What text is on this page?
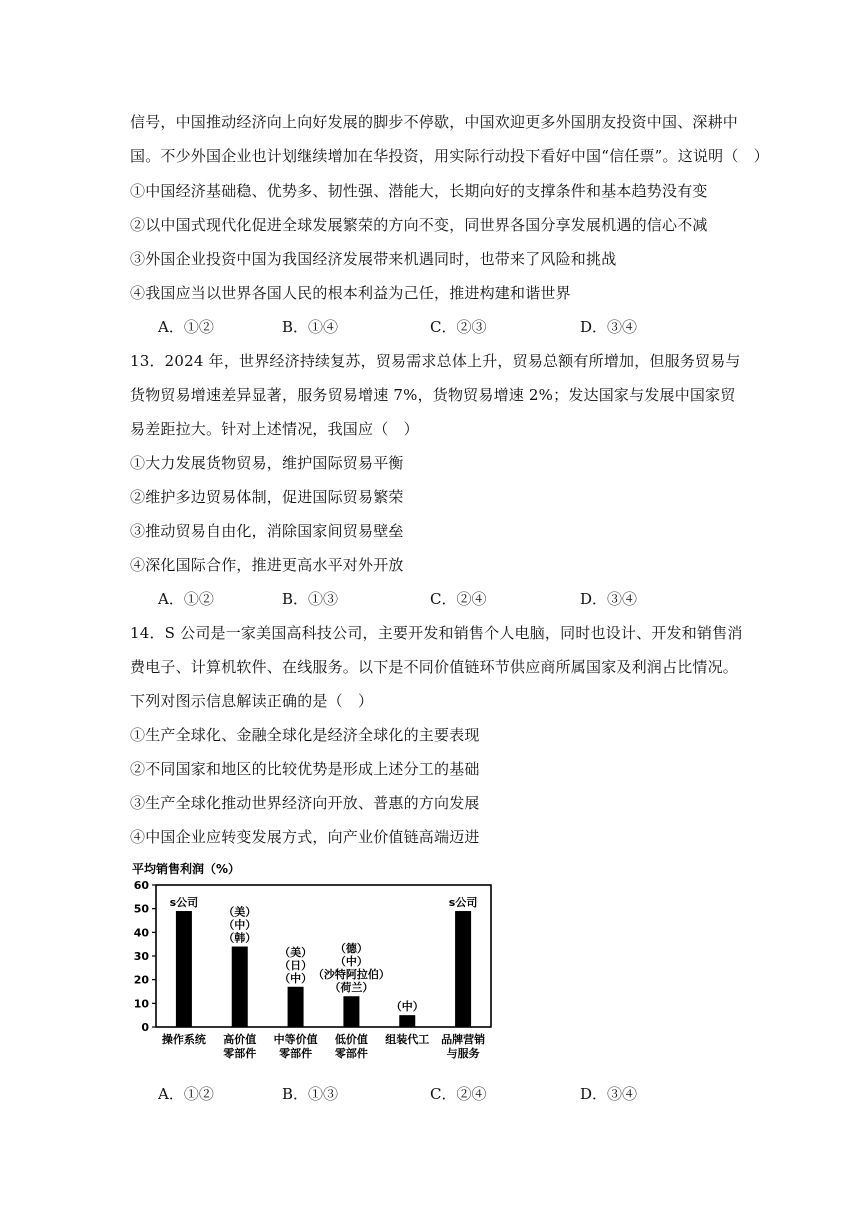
信号，中国推动经济向上向好发展的脚步不停歇，中国欢迎更多外国朋友投资中国、深耕中
国。不少外国企业也计划继续增加在华投资，用实际行动投下看好中国“信任票”。这说明（　）
①中国经济基础稳、优势多、韧性强、潜能大，长期向好的支撑条件和基本趋势没有变
②以中国式现代化促进全球发展繁荣的方向不变，同世界各国分享发展机遇的信心不减
③外国企业投资中国为我国经济发展带来机遇同时，也带来了风险和挑战
④我国应当以世界各国人民的根本利益为己任，推进构建和谐世界
A．①②	B．①④	C．②③	D．③④
13．2024 年，世界经济持续复苏，贸易需求总体上升，贸易总额有所增加，但服务贸易与
货物贸易增速差异显著，服务贸易增速 7%，货物贸易增速 2%；发达国家与发展中国家贸
易差距拉大。针对上述情况，我国应（　）
①大力发展货物贸易，维护国际贸易平衡
②维护多边贸易体制，促进国际贸易繁荣
③推动贸易自由化，消除国家间贸易壁垒
④深化国际合作，推进更高水平对外开放
A．①②	B．①③	C．②④	D．③④
14．S 公司是一家美国高科技公司，主要开发和销售个人电脑，同时也设计、开发和销售消
费电子、计算机软件、在线服务。以下是不同价值链环节供应商所属国家及利润占比情况。
下列对图示信息解读正确的是（　）
①生产全球化、金融全球化是经济全球化的主要表现
②不同国家和地区的比较优势是形成上述分工的基础
③生产全球化推动世界经济向开放、普惠的方向发展
④中国企业应转变发展方式，向产业价值链高端迈进
平均销售利润（%）
0
10
20
30
40
50
60
s公司
操作系统
（美）
（中）
（韩）
高价值
零部件
（美）
（日）
（中）
中等价值
零部件
（德）
（中）
（沙特阿拉伯）
（荷兰）
低价值
零部件
（中）
组装代工
s公司
品牌营销
与服务
A．①②	B．①③	C．②④	D．③④
